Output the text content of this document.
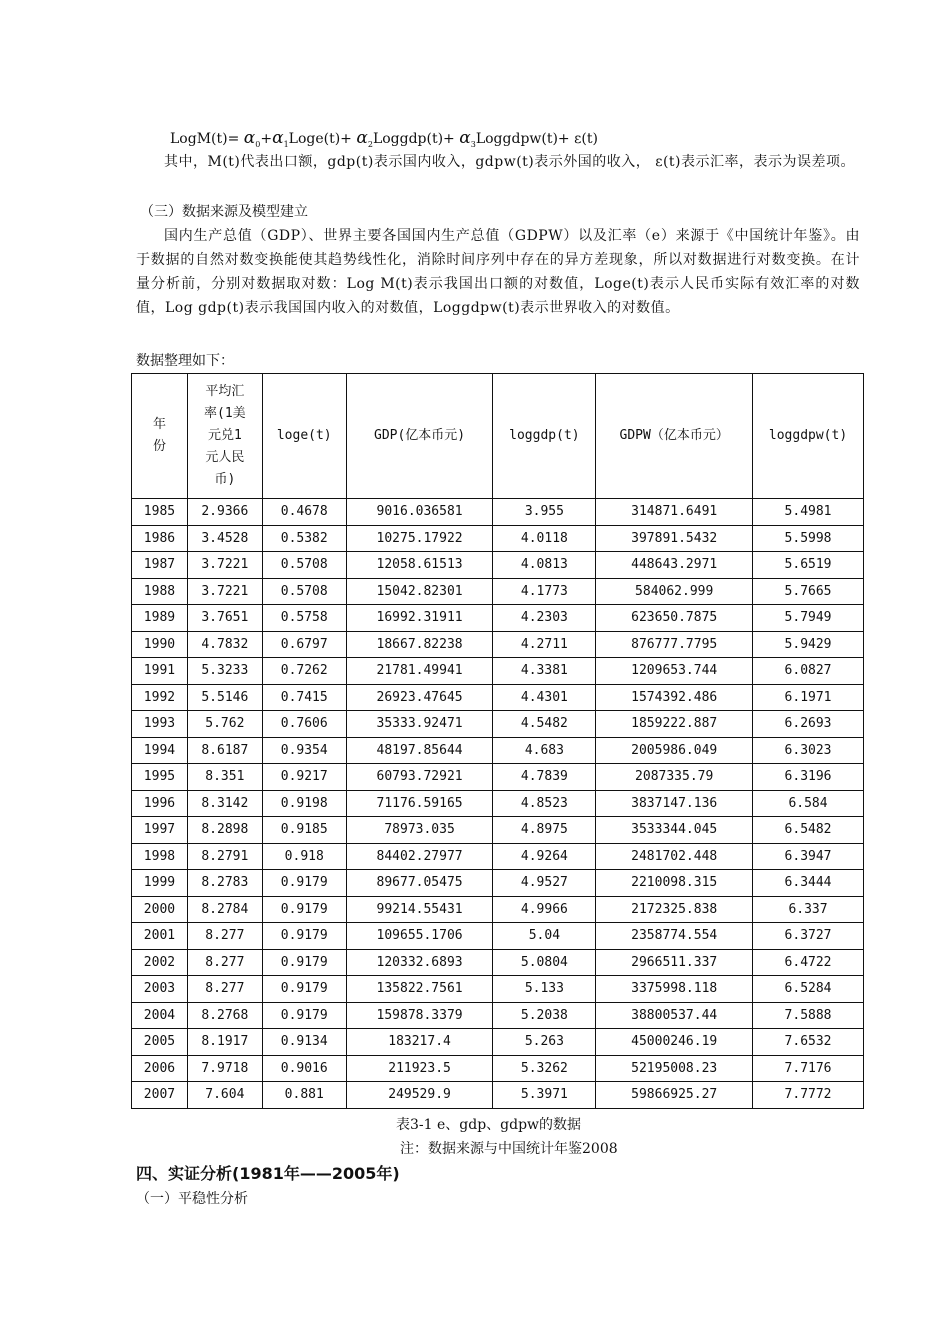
LogM(t)= $\alpha_0+\alpha_1Loge(t)+$ $\alpha_2Loggdp(t)+$ $\alpha_3Loggdpw(t)+ \varepsilon(t)$
其中，M(t)代表出口额，gdp(t)表示国内收入，gdpw(t)表示外国的收入， ε(t)表示汇率，表示为误差项。
（三）数据来源及模型建立
国内生产总值（GDP）、世界主要各国国内生产总值（GDPW）以及汇率（e）来源于《中国统计年鉴》。由于数据的自然对数变换能使其趋势线性化，消除时间序列中存在的异方差现象，所以对数据进行对数变换。在计量分析前，分别对数据取对数：Log M(t)表示我国出口额的对数值，Loge(t)表示人民币实际有效汇率的对数值，Log gdp(t)表示我国国内收入的对数值，Loggdpw(t)表示世界收入的对数值。
数据整理如下：
年
份	平均汇
率(1美
元兑1
元人民
币)	loge(t)	GDP(亿本币元)	loggdp(t)	GDPW（亿本币元）	loggdpw(t)
1985	2.9366	0.4678	9016.036581	3.955	314871.6491	5.4981
1986	3.4528	0.5382	10275.17922	4.0118	397891.5432	5.5998
1987	3.7221	0.5708	12058.61513	4.0813	448643.2971	5.6519
1988	3.7221	0.5708	15042.82301	4.1773	584062.999	5.7665
1989	3.7651	0.5758	16992.31911	4.2303	623650.7875	5.7949
1990	4.7832	0.6797	18667.82238	4.2711	876777.7795	5.9429
1991	5.3233	0.7262	21781.49941	4.3381	1209653.744	6.0827
1992	5.5146	0.7415	26923.47645	4.4301	1574392.486	6.1971
1993	5.762	0.7606	35333.92471	4.5482	1859222.887	6.2693
1994	8.6187	0.9354	48197.85644	4.683	2005986.049	6.3023
1995	8.351	0.9217	60793.72921	4.7839	2087335.79	6.3196
1996	8.3142	0.9198	71176.59165	4.8523	3837147.136	6.584
1997	8.2898	0.9185	78973.035	4.8975	3533344.045	6.5482
1998	8.2791	0.918	84402.27977	4.9264	2481702.448	6.3947
1999	8.2783	0.9179	89677.05475	4.9527	2210098.315	6.3444
2000	8.2784	0.9179	99214.55431	4.9966	2172325.838	6.337
2001	8.277	0.9179	109655.1706	5.04	2358774.554	6.3727
2002	8.277	0.9179	120332.6893	5.0804	2966511.337	6.4722
2003	8.277	0.9179	135822.7561	5.133	3375998.118	6.5284
2004	8.2768	0.9179	159878.3379	5.2038	38800537.44	7.5888
2005	8.1917	0.9134	183217.4	5.263	45000246.19	7.6532
2006	7.9718	0.9016	211923.5	5.3262	52195008.23	7.7176
2007	7.604	0.881	249529.9	5.3971	59866925.27	7.7772
表3-1 e、gdp、gdpw的数据
注：数据来源与中国统计年鉴2008
四、实证分析(1981年——2005年)
（一）平稳性分析
